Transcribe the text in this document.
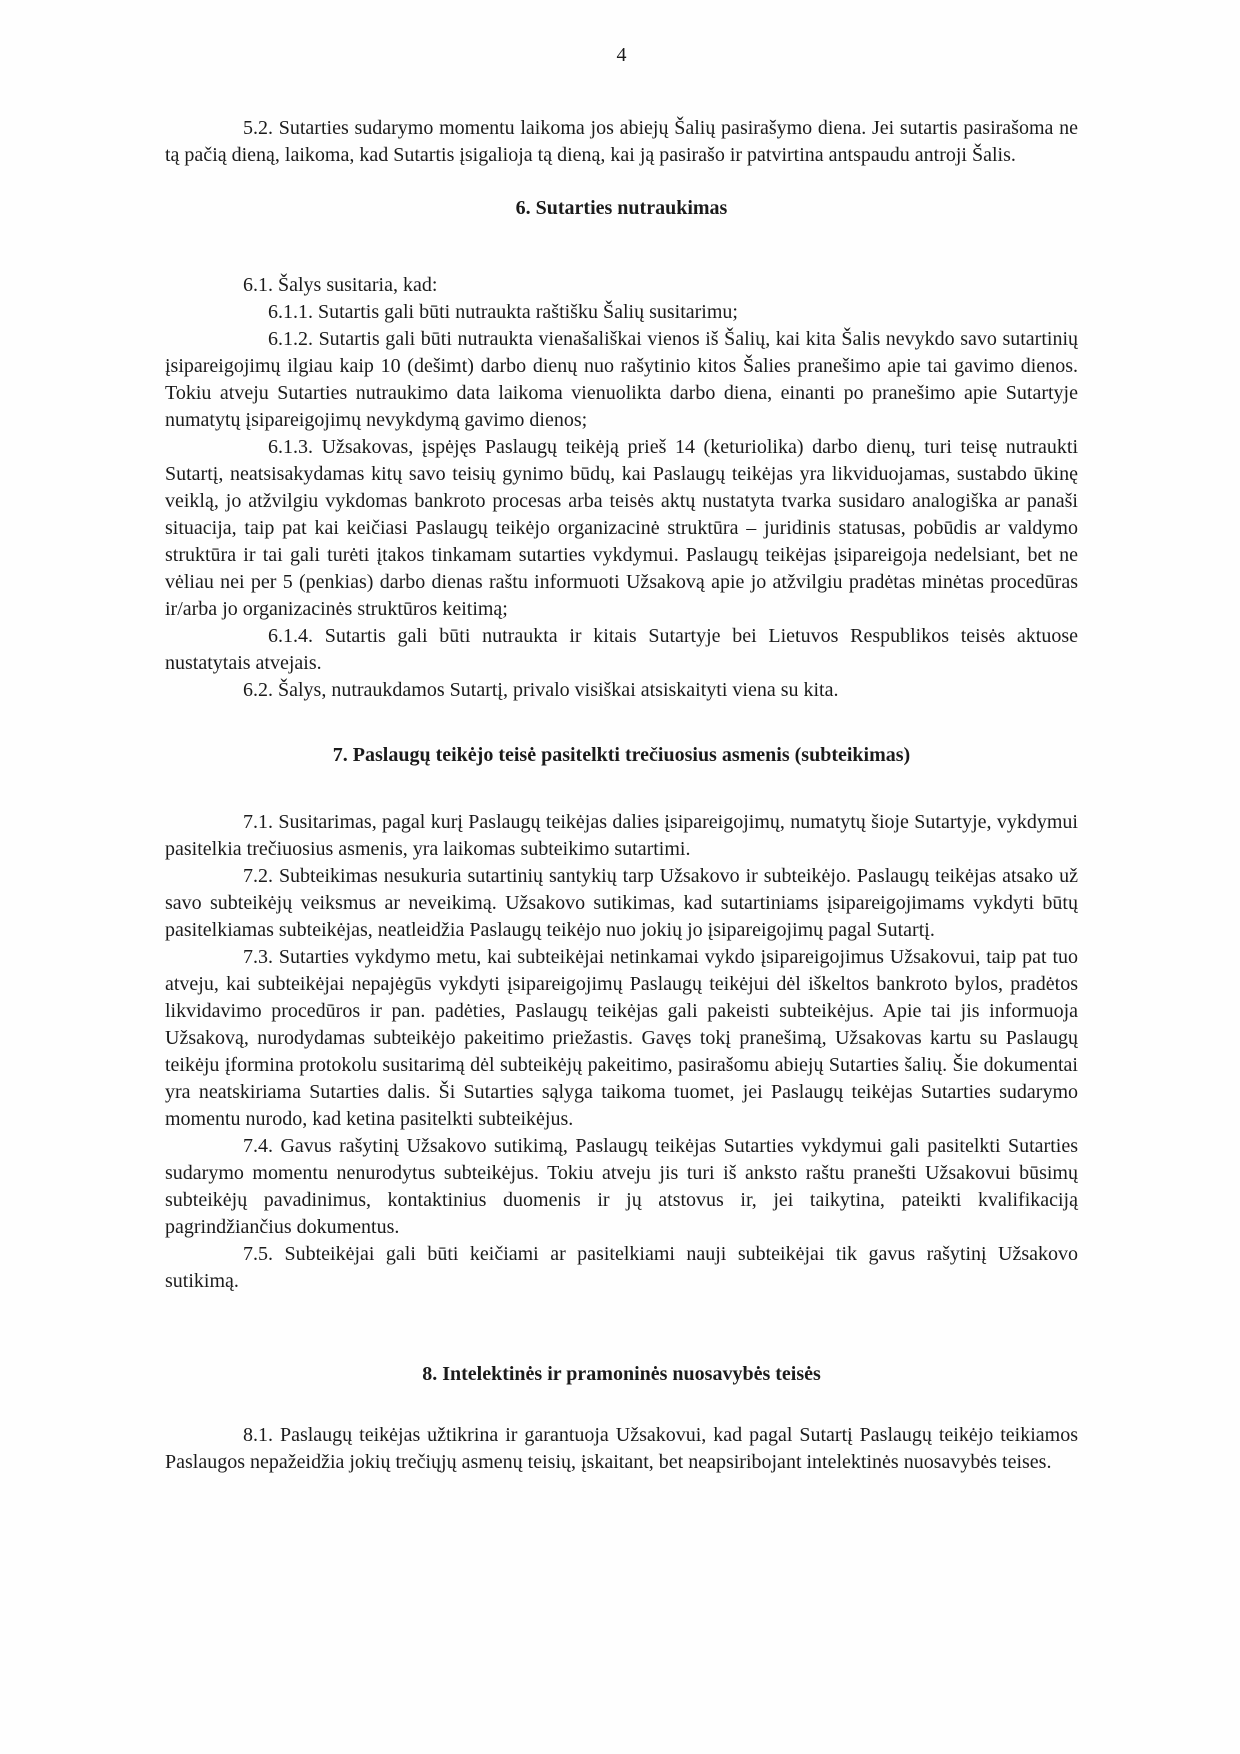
4

5.2. Sutarties sudarymo momentu laikoma jos abiejų Šalių pasirašymo diena. Jei sutartis pasirašoma ne tą pačią dieną, laikoma, kad Sutartis įsigalioja tą dieną, kai ją pasirašo ir patvirtina antspaudu antroji Šalis.

6. Sutarties nutraukimas

6.1. Šalys susitaria, kad:

6.1.1. Sutartis gali būti nutraukta raštišku Šalių susitarimu;

6.1.2. Sutartis gali būti nutraukta vienašališkai vienos iš Šalių, kai kita Šalis nevykdo savo sutartinių įsipareigojimų ilgiau kaip 10 (dešimt) darbo dienų nuo rašytinio kitos Šalies pranešimo apie tai gavimo dienos. Tokiu atveju Sutarties nutraukimo data laikoma vienuolikta darbo diena, einanti po pranešimo apie Sutartyje numatytų įsipareigojimų nevykdymą gavimo dienos;

6.1.3. Užsakovas, įspėjęs Paslaugų teikėją prieš 14 (keturiolika) darbo dienų, turi teisę nutraukti Sutartį, neatsisakydamas kitų savo teisių gynimo būdų, kai Paslaugų teikėjas yra likviduojamas, sustabdo ūkinę veiklą, jo atžvilgiu vykdomas bankroto procesas arba teisės aktų nustatyta tvarka susidaro analogiška ar panaši situacija, taip pat kai keičiasi Paslaugų teikėjo organizacinė struktūra – juridinis statusas, pobūdis ar valdymo struktūra ir tai gali turėti įtakos tinkamam sutarties vykdymui. Paslaugų teikėjas įsipareigoja nedelsiant, bet ne vėliau nei per 5 (penkias) darbo dienas raštu informuoti Užsakovą apie jo atžvilgiu pradėtas minėtas procedūras ir/arba jo organizacinės struktūros keitimą;

6.1.4. Sutartis gali būti nutraukta ir kitais Sutartyje bei Lietuvos Respublikos teisės aktuose nustatytais atvejais.

6.2. Šalys, nutraukdamos Sutartį, privalo visiškai atsiskaityti viena su kita.

7. Paslaugų teikėjo teisė pasitelkti trečiuosius asmenis (subteikimas)

7.1. Susitarimas, pagal kurį Paslaugų teikėjas dalies įsipareigojimų, numatytų šioje Sutartyje, vykdymui pasitelkia trečiuosius asmenis, yra laikomas subteikimo sutartimi.

7.2. Subteikimas nesukuria sutartinių santykių tarp Užsakovo ir subteikėjo. Paslaugų teikėjas atsako už savo subteikėjų veiksmus ar neveikimą. Užsakovo sutikimas, kad sutartiniams įsipareigojimams vykdyti būtų pasitelkiamas subteikėjas, neatleidžia Paslaugų teikėjo nuo jokių jo įsipareigojimų pagal Sutartį.

7.3. Sutarties vykdymo metu, kai subteikėjai netinkamai vykdo įsipareigojimus Užsakovui, taip pat tuo atveju, kai subteikėjai nepajėgūs vykdyti įsipareigojimų Paslaugų teikėjui dėl iškeltos bankroto bylos, pradėtos likvidavimo procedūros ir pan. padėties, Paslaugų teikėjas gali pakeisti subteikėjus. Apie tai jis informuoja Užsakovą, nurodydamas subteikėjo pakeitimo priežastis. Gavęs tokį pranešimą, Užsakovas kartu su Paslaugų teikėju įformina protokolu susitarimą dėl subteikėjų pakeitimo, pasirašomu abiejų Sutarties šalių. Šie dokumentai yra neatskiriama Sutarties dalis. Ši Sutarties sąlyga taikoma tuomet, jei Paslaugų teikėjas Sutarties sudarymo momentu nurodo, kad ketina pasitelkti subteikėjus.

7.4. Gavus rašytinį Užsakovo sutikimą, Paslaugų teikėjas Sutarties vykdymui gali pasitelkti Sutarties sudarymo momentu nenurodytus subteikėjus. Tokiu atveju jis turi iš anksto raštu pranešti Užsakovui būsimų subteikėjų pavadinimus, kontaktinius duomenis ir jų atstovus ir, jei taikytina, pateikti kvalifikaciją pagrindžiančius dokumentus.

7.5. Subteikėjai gali būti keičiami ar pasitelkiami nauji subteikėjai tik gavus rašytinį Užsakovo sutikimą.

8. Intelektinės ir pramoninės nuosavybės teisės

8.1. Paslaugų teikėjas užtikrina ir garantuoja Užsakovui, kad pagal Sutartį Paslaugų teikėjo teikiamos Paslaugos nepažeidžia jokių trečiųjų asmenų teisių, įskaitant, bet neapsiribojant intelektinės nuosavybės teises.
